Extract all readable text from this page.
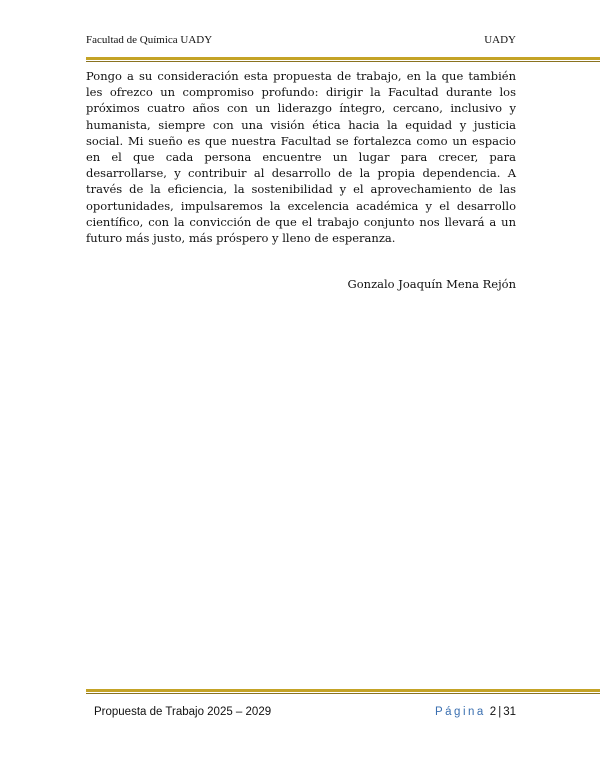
Facultad de Química UADY	UADY

Pongo a su consideración esta propuesta de trabajo, en la que también les ofrezco un compromiso profundo: dirigir la Facultad durante los próximos cuatro años con un liderazgo íntegro, cercano, inclusivo y humanista, siempre con una visión ética hacia la equidad y justicia social. Mi sueño es que nuestra Facultad se fortalezca como un espacio en el que cada persona encuentre un lugar para crecer, para desarrollarse, y contribuir al desarrollo de la propia dependencia. A través de la eficiencia, la sostenibilidad y el aprovechamiento de las oportunidades, impulsaremos la excelencia académica y el desarrollo científico, con la convicción de que el trabajo conjunto nos llevará a un futuro más justo, más próspero y lleno de esperanza.

Gonzalo Joaquín Mena Rejón
Propuesta de Trabajo 2025 – 2029	Página 2 | 31
